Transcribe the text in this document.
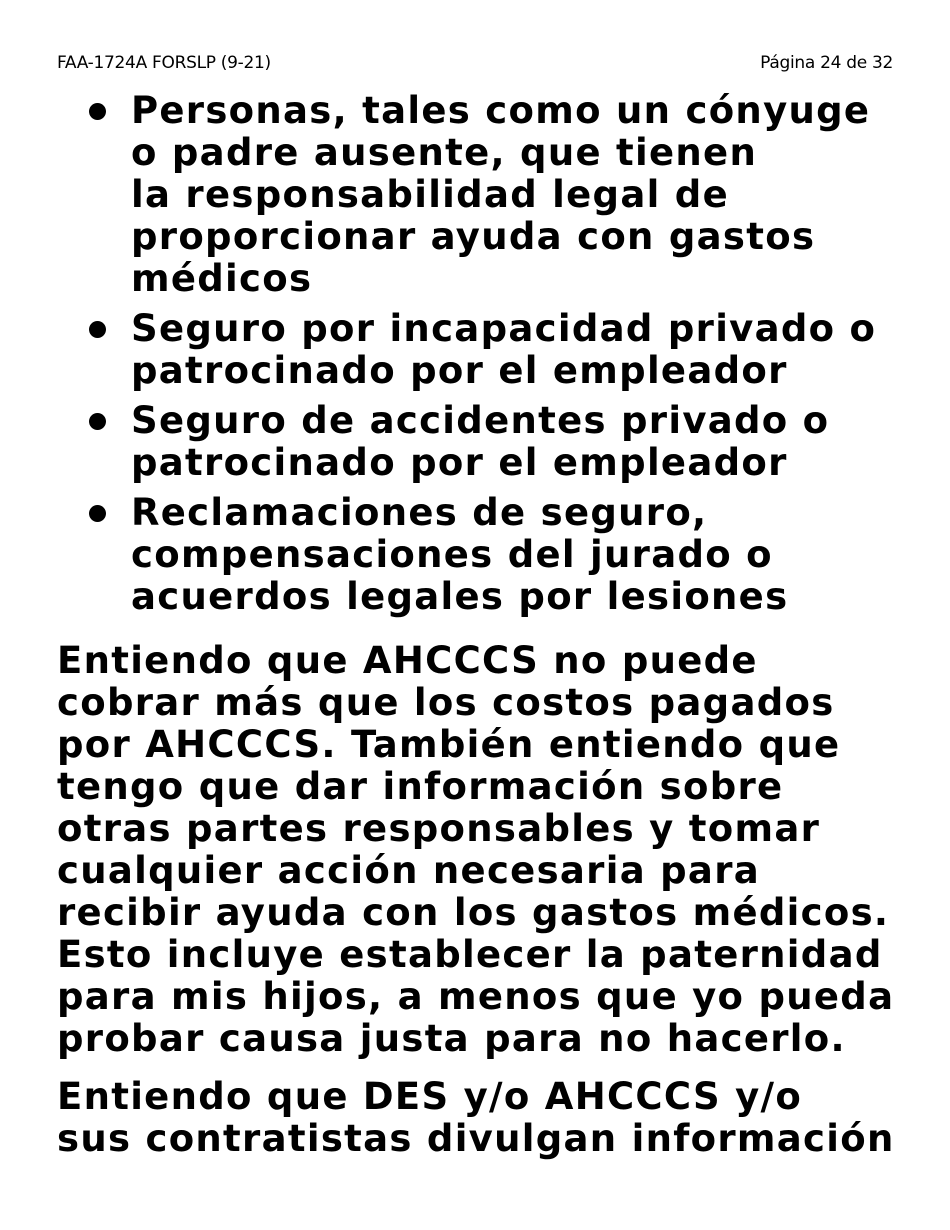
FAA-1724A FORSLP (9-21)	Página 24 de 32
Personas, tales como un cónyuge
o padre ausente, que tienen
la responsabilidad legal de
proporcionar ayuda con gastos
médicos
Seguro por incapacidad privado o
patrocinado por el empleador
Seguro de accidentes privado o
patrocinado por el empleador
Reclamaciones de seguro,
compensaciones del jurado o
acuerdos legales por lesiones

Entiendo que AHCCCS no puede
cobrar más que los costos pagados
por AHCCCS. También entiendo que
tengo que dar información sobre
otras partes responsables y tomar
cualquier acción necesaria para
recibir ayuda con los gastos médicos.
Esto incluye establecer la paternidad
para mis hijos, a menos que yo pueda
probar causa justa para no hacerlo.

Entiendo que DES y/o AHCCCS y/o
sus contratistas divulgan información
